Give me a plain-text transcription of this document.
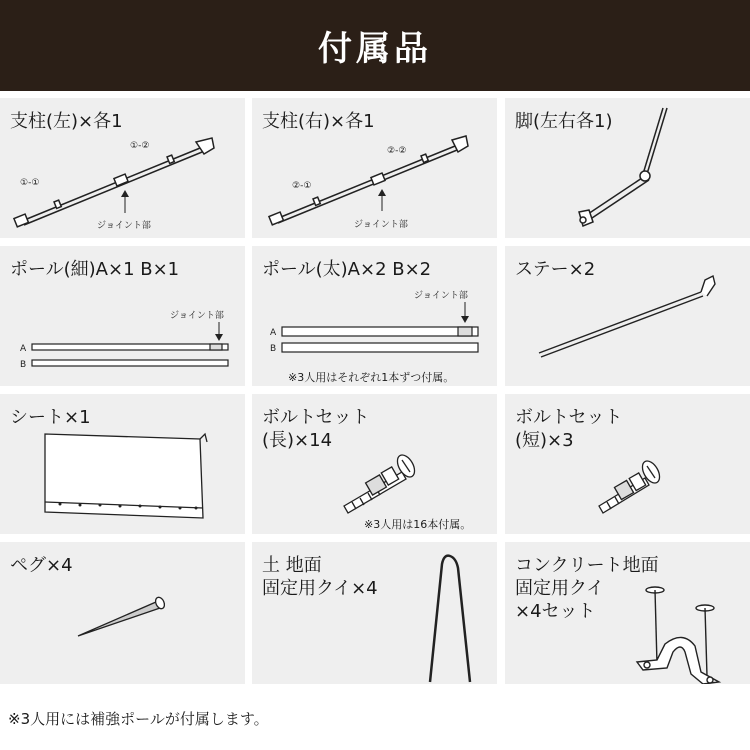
付属品
支柱(左)×各1
①-①
①-②
ジョイント部
支柱(右)×各1
②-①
②-②
ジョイント部
脚(左右各1)
ポール(細)A×1 B×1
ジョイント部
A
B
ポール(太)A×2 B×2
ジョイント部
A
B
※3人用はそれぞれ1本ずつ付属。
ステー×2
シート×1	ボルトセット
(長)×14
※3人用は16本付属。
ボルトセット
(短)×3
ペグ×4	土 地面
固定用クイ×4
コンクリート地面
固定用クイ
×4セット
※3人用には補強ポールが付属します。
